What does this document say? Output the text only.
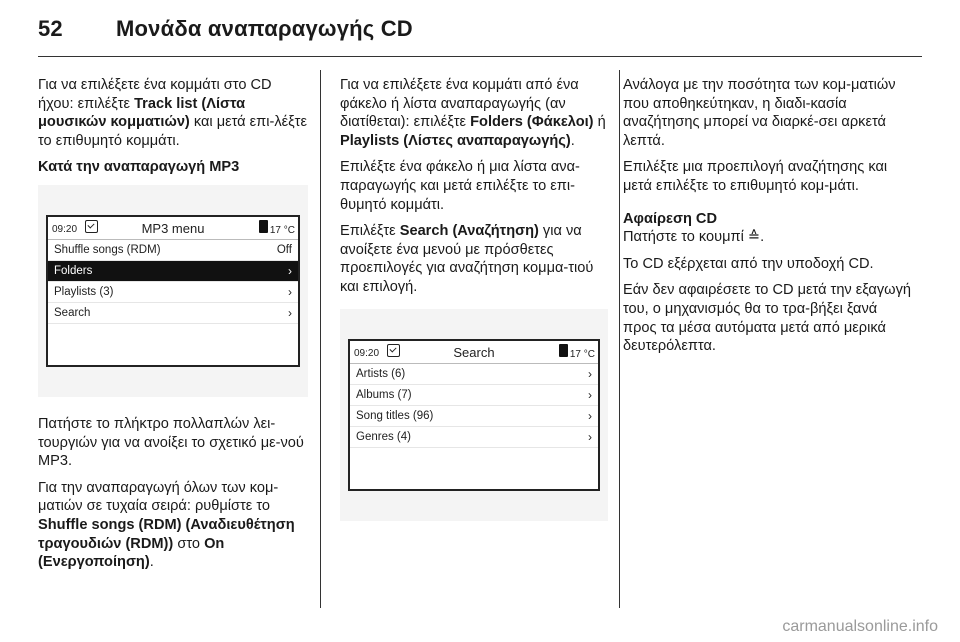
52 Μονάδα αναπαραγωγής CD

Για να επιλέξετε ένα κομμάτι στο CD ήχου: επιλέξτε Track list (Λίστα μουσικών κομματιών) και μετά επι-λέξτε το επιθυμητό κομμάτι.

Κατά την αναπαραγωγή MP3
09:20	MP3 menu	17 °C
Shuffle songs (RDM)	Off
Folders	›
Playlists (3)	›
Search	›

Πατήστε το πλήκτρο πολλαπλών λει-τουργιών για να ανοίξει το σχετικό με-νού MP3.

Για την αναπαραγωγή όλων των κομ-ματιών σε τυχαία σειρά: ρυθμίστε το Shuffle songs (RDM) (Αναδιευθέτηση τραγουδιών (RDM)) στο On (Ενεργοποίηση).

Για να επιλέξετε ένα κομμάτι από ένα φάκελο ή λίστα αναπαραγωγής (αν διατίθεται): επιλέξτε Folders (Φάκελοι) ή Playlists (Λίστες αναπαραγωγής).

Επιλέξτε ένα φάκελο ή μια λίστα ανα-παραγωγής και μετά επιλέξτε το επι-θυμητό κομμάτι.

Επιλέξτε Search (Αναζήτηση) για να ανοίξετε ένα μενού με πρόσθετες προεπιλογές για αναζήτηση κομμα-τιού και επιλογή.

09:20	Search	17 °C
Artists (6)	›
Albums (7)	›
Song titles (96)	›
Genres (4)	›

Ανάλογα με την ποσότητα των κομ-ματιών που αποθηκεύτηκαν, η διαδι-κασία αναζήτησης μπορεί να διαρκέ-σει αρκετά λεπτά.

Επιλέξτε μια προεπιλογή αναζήτησης και μετά επιλέξτε το επιθυμητό κομ-μάτι.

Αφαίρεση CD

Πατήστε το κουμπί ≙.

Το CD εξέρχεται από την υποδοχή CD.

Εάν δεν αφαιρέσετε το CD μετά την εξαγωγή του, ο μηχανισμός θα το τρα-βήξει ξανά προς τα μέσα αυτόματα μετά από μερικά δευτερόλεπτα.

carmanualsonline.info
